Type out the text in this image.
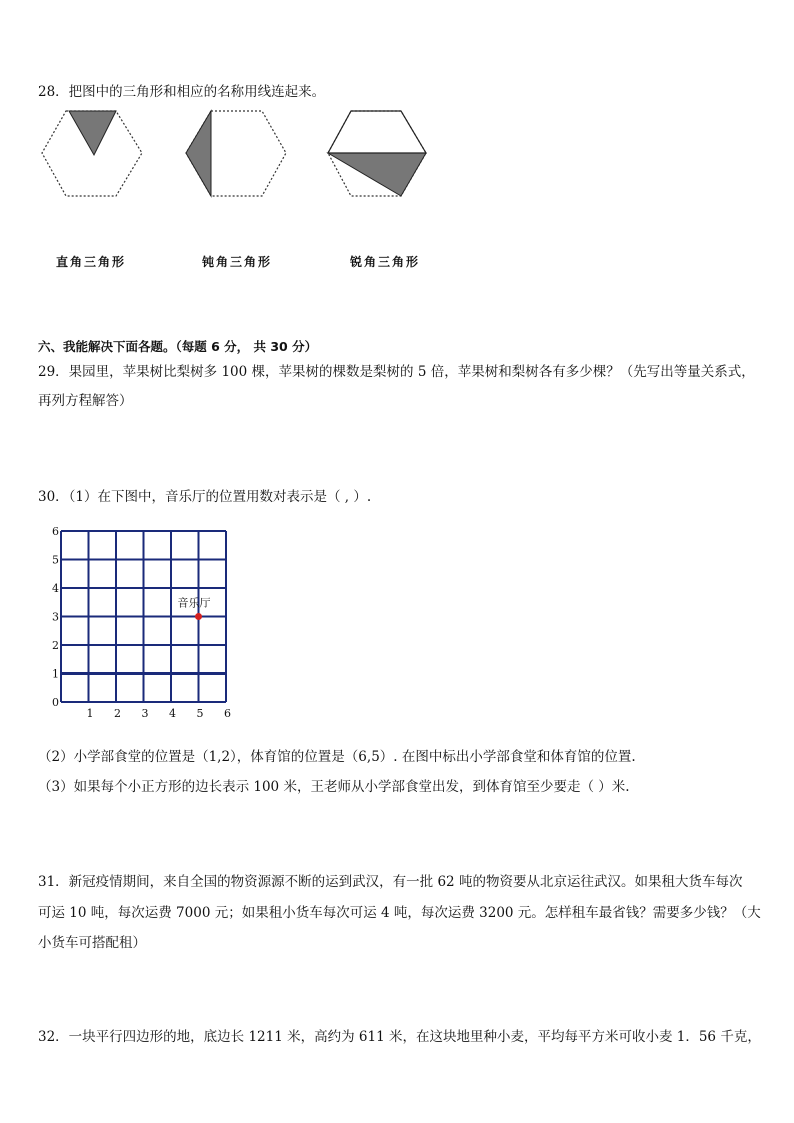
28．把图中的三角形和相应的名称用线连起来。
直角三角形	钝角三角形	锐角三角形
六、我能解决下面各题。（每题 6 分， 共 30 分）
29．果园里，苹果树比梨树多 100 棵，苹果树的棵数是梨树的 5 倍，苹果树和梨树各有多少棵？（先写出等量关系式，
再列方程解答）
30．（1）在下图中，音乐厅的位置用数对表示是（ , ）.
0
1
2
3
4
5
6
1 2 3 4 5 6
音乐厅
（2）小学部食堂的位置是（1,2），体育馆的位置是（6,5）. 在图中标出小学部食堂和体育馆的位置.
（3）如果每个小正方形的边长表示 100 米，王老师从小学部食堂出发，到体育馆至少要走（ ）米.
31．新冠疫情期间，来自全国的物资源源不断的运到武汉，有一批 62 吨的物资要从北京运往武汉。如果租大货车每次
可运 10 吨，每次运费 7000 元；如果租小货车每次可运 4 吨，每次运费 3200 元。怎样租车最省钱？需要多少钱？（大
小货车可搭配租）
32．一块平行四边形的地，底边长 1211 米，高约为 611 米，在这块地里种小麦，平均每平方米可收小麦 1．56 千克，
